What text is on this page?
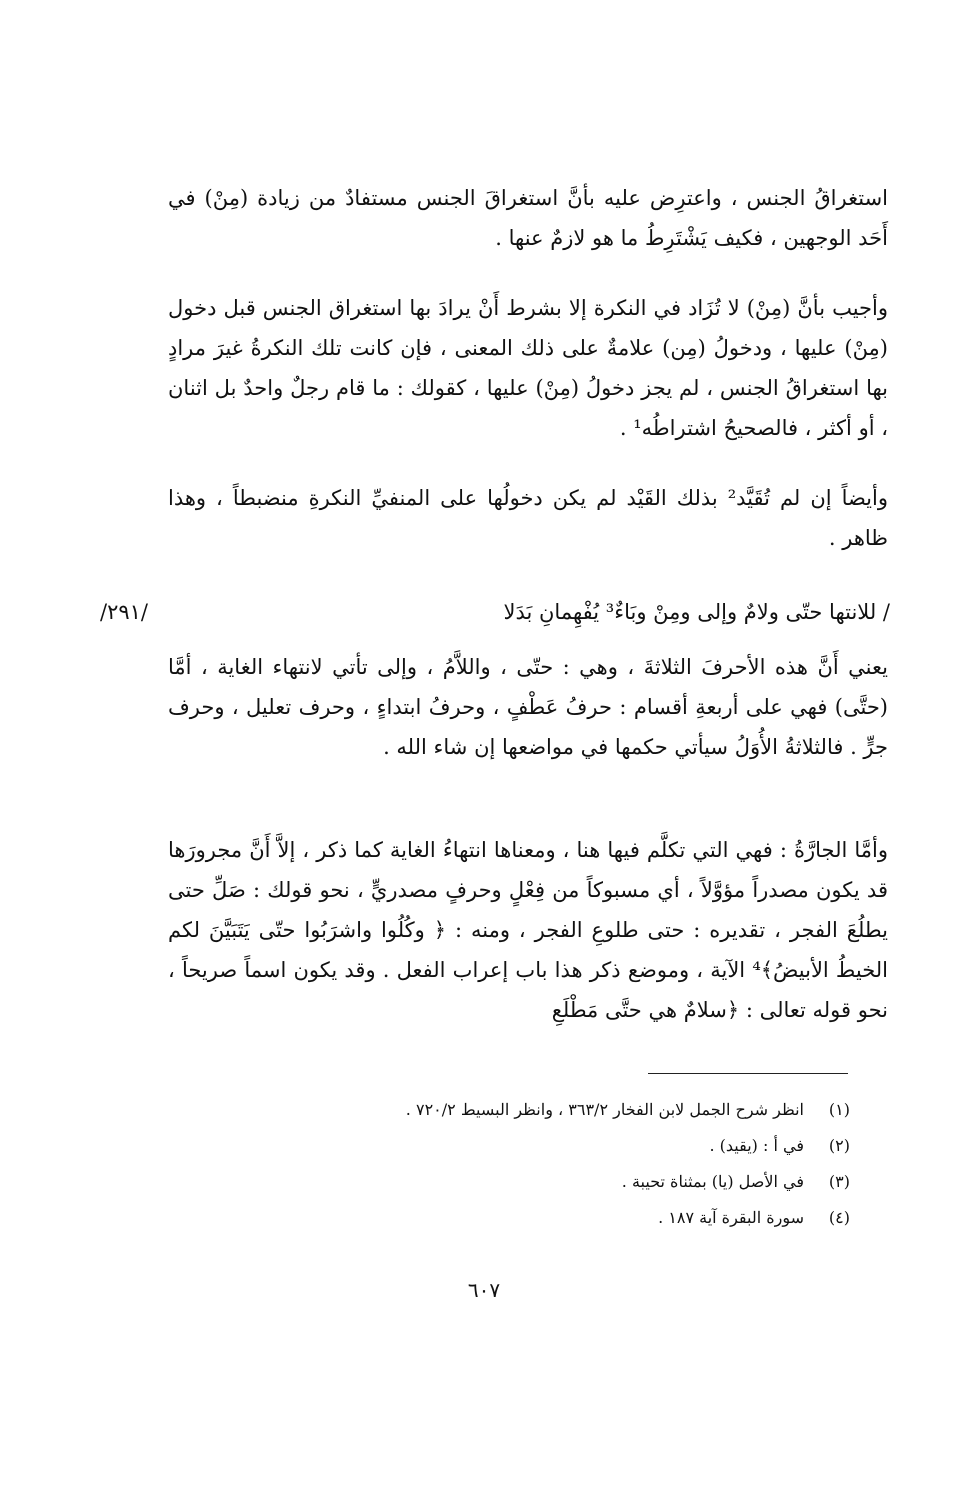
استغراقُ الجنس ، واعترِض عليه بأنَّ استغراقَ الجنس مستفادٌ من زيادة (مِنْ) في أَحَد الوجهين ، فكيف يَشْتَرِطُ ما هو لازمٌ عنها .

وأجيب بأنَّ (مِنْ) لا تُزَاد في النكرة إلا بشرط أَنْ يرادَ بها استغراق الجنس قبل دخول (مِنْ) عليها ، ودخولُ (مِن) علامةٌ على ذلك المعنى ، فإن كانت تلك النكرةُ غيرَ مرادٍ بها استغراقُ الجنس ، لم يجز دخولُ (مِنْ) عليها ، كقولك : ما قام رجلٌ واحدٌ بل اثنان ، أو أكثر ، فالصحيحُ اشتراطُه¹ .

وأيضاً إن لم تُقَيَّد² بذلك القَيْد لم يكن دخولُها على المنفيِّ النكرةِ منضبطاً ، وهذا ظاهر .

/ للانتها حتّى ولامٌ وإلى ومِنْ وبَاءٌ³ يُفْهِمانِ بَدَلا
/٢٩١/

يعني أَنَّ هذه الأحرفَ الثلاثةَ ، وهي : حتّى ، واللاَّمُ ، وإلى تأتي لانتهاء الغاية ، أمَّا (حتَّى) فهي على أربعةِ أقسام : حرفُ عَطْفٍ ، وحرفُ ابتداءٍ ، وحرف تعليل ، وحرف جرٍّ . فالثلاثةُ الأُوَلُ سيأتي حكمها في مواضعها إن شاء الله .

وأمَّا الجارَّةُ : فهي التي تكلَّم فيها هنا ، ومعناها انتهاءُ الغاية كما ذكر ، إلاَّ أَنَّ مجرورَها قد يكون مصدراً مؤوَّلاً ، أي مسبوكاً من فِعْلٍ وحرفٍ مصدريٍّ ، نحو قولك : صَلِّ حتى يطلُعَ الفجر ، تقديره : حتى طلوعِ الفجر ، ومنه : ﴿ وكُلُوا واشرَبُوا حتّى يَتَبَيَّنَ لكم الخيطُ الأبيضُ﴾⁴ الآية ، وموضع ذكر هذا باب إعراب الفعل . وقد يكون اسماً صريحاً ، نحو قوله تعالى : ﴿سلامٌ هي حتَّى مَطْلَعِ

(١)
انظر شرح الجمل لابن الفخار ٣٦٣/٢ ، وانظر البسيط ٧٢٠/٢ .
(٢)
في أ : (يقيد) .
(٣)
في الأصل (يا) بمثناة تحيبة .
(٤)
سورة البقرة آية ١٨٧ .
٦٠٧
